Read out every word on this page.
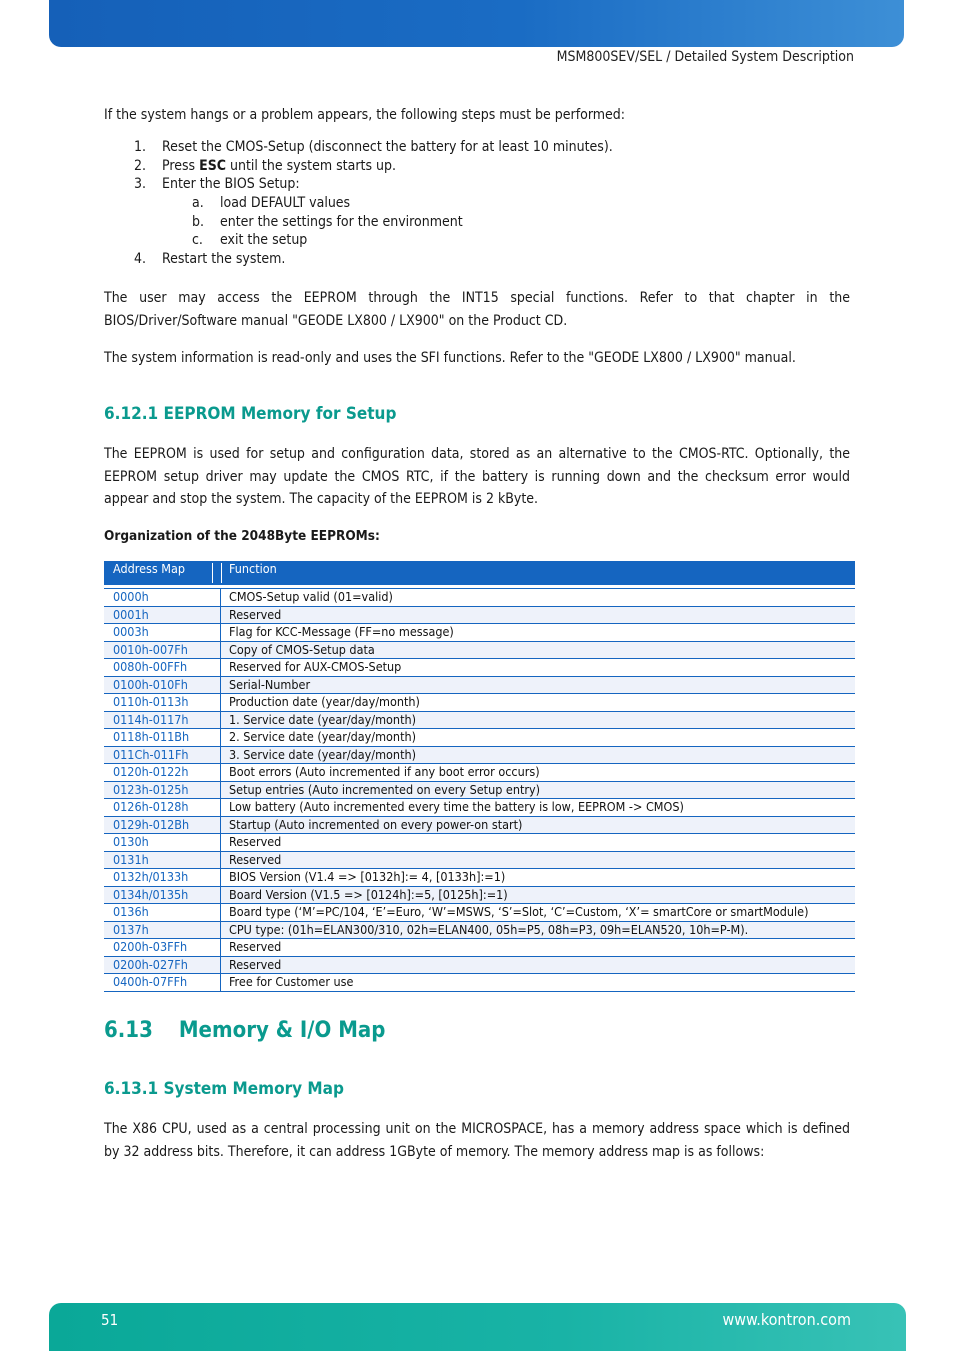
MSM800SEV/SEL / Detailed System Description

If the system hangs or a problem appears, the following steps must be performed:

1. Reset the CMOS-Setup (disconnect the battery for at least 10 minutes).
2. Press ESC until the system starts up.
3. Enter the BIOS Setup:
a. load DEFAULT values
b. enter the settings for the environment
c. exit the setup
4. Restart the system.

The user may access the EEPROM through the INT15 special functions. Refer to that chapter in the BIOS/Driver/Software manual "GEODE LX800 / LX900" on the Product CD.

The system information is read-only and uses the SFI functions. Refer to the "GEODE LX800 / LX900" manual.

6.12.1 EEPROM Memory for Setup

The EEPROM is used for setup and configuration data, stored as an alternative to the CMOS-RTC. Optionally, the EEPROM setup driver may update the CMOS RTC, if the battery is running down and the checksum error would appear and stop the system. The capacity of the EEPROM is 2 kByte.

Organization of the 2048Byte EEPROMs:
Address Map	Function
0000h	CMOS-Setup valid (01=valid)
0001h	Reserved
0003h	Flag for KCC-Message (FF=no message)
0010h-007Fh	Copy of CMOS-Setup data
0080h-00FFh	Reserved for AUX-CMOS-Setup
0100h-010Fh	Serial-Number
0110h-0113h	Production date (year/day/month)
0114h-0117h	1. Service date (year/day/month)
0118h-011Bh	2. Service date (year/day/month)
011Ch-011Fh	3. Service date (year/day/month)
0120h-0122h	Boot errors (Auto incremented if any boot error occurs)
0123h-0125h	Setup entries (Auto incremented on every Setup entry)
0126h-0128h	Low battery (Auto incremented every time the battery is low, EEPROM -> CMOS)
0129h-012Bh	Startup (Auto incremented on every power-on start)
0130h	Reserved
0131h	Reserved
0132h/0133h	BIOS Version (V1.4 => [0132h]:= 4, [0133h]:=1)
0134h/0135h	Board Version (V1.5 => [0124h]:=5, [0125h]:=1)
0136h	Board type (‘M’=PC/104, ‘E’=Euro, ‘W’=MSWS, ‘S’=Slot, ‘C’=Custom, ‘X’= smartCore or smartModule)
0137h	CPU type: (01h=ELAN300/310, 02h=ELAN400, 05h=P5, 08h=P3, 09h=ELAN520, 10h=P-M).
0200h-03FFh	Reserved
0200h-027Fh	Reserved
0400h-07FFh	Free for Customer use
6.13 Memory & I/O Map
6.13.1 System Memory Map

The X86 CPU, used as a central processing unit on the MICROSPACE, has a memory address space which is defined by 32 address bits. Therefore, it can address 1GByte of memory. The memory address map is as follows:

51	www.kontron.com
